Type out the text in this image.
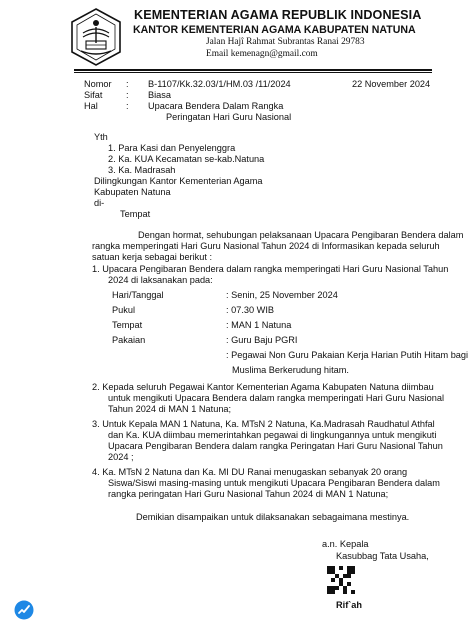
KEMENTERIAN AGAMA REPUBLIK INDONESIA
KANTOR KEMENTERIAN AGAMA KABUPATEN NATUNA
Jalan Hajî Rahmat Subrantas Ranai 29783
Email kemenagn@gmail.com
Nomor : B-1107/Kk.32.03/1/HM.03 /11/2024	22 November 2024
Sifat	: Biasa
Hal	: Upacara Bendera Dalam Rangka
Peringatan Hari Guru Nasional
Yth
1. Para Kasi dan Penyelenggra
2. Ka. KUA Kecamatan se-kab.Natuna
3. Ka. Madrasah
Dilingkungan Kantor Kementerian Agama
Kabupaten Natuna
di-
Tempat
Dengan hormat, sehubungan pelaksanaan Upacara Pengibaran Bendera dalam
rangka memperingati Hari Guru Nasional Tahun 2024 di Informasikan kepada seluruh
satuan kerja sebagai berikut :
1. Upacara Pengibaran Bendera dalam rangka memperingati Hari Guru Nasional Tahun
2024 di laksanakan pada:
Hari/Tanggal	: Senin, 25 November 2024
Pukul	: 07.30 WIB
Tempat	: MAN 1 Natuna
Pakaian	: Guru Baju PGRI
: Pegawai Non Guru Pakaian Kerja Harian Putih Hitam bagi
Muslima Berkerudung hitam.
2. Kepada seluruh Pegawai Kantor Kementerian Agama Kabupaten Natuna diimbau
untuk mengikuti Upacara Bendera dalam rangka memperingati Hari Guru Nasional
Tahun 2024 di MAN 1 Natuna;
3. Untuk Kepala MAN 1 Natuna, Ka. MTsN 2 Natuna, Ka.Madrasah Raudhatul Athfal
dan Ka. KUA diimbau memerintahkan pegawai di lingkungannya untuk mengikuti
Upacara Pengibaran Bendera dalam rangka Peringatan Hari Guru Nasional Tahun
2024 ;
4. Ka. MTsN 2 Natuna dan Ka. MI DU Ranai menugaskan sebanyak 20 orang
Siswa/Siswi masing-masing untuk mengikuti Upacara Pengibaran Bendera dalam
rangka peringatan Hari Guru Nasional Tahun 2024 di MAN 1 Natuna;
Demikian disampaikan untuk dilaksanakan sebagaimana mestinya.
a.n. Kepala
Kasubbag Tata Usaha,
Rif`ah
